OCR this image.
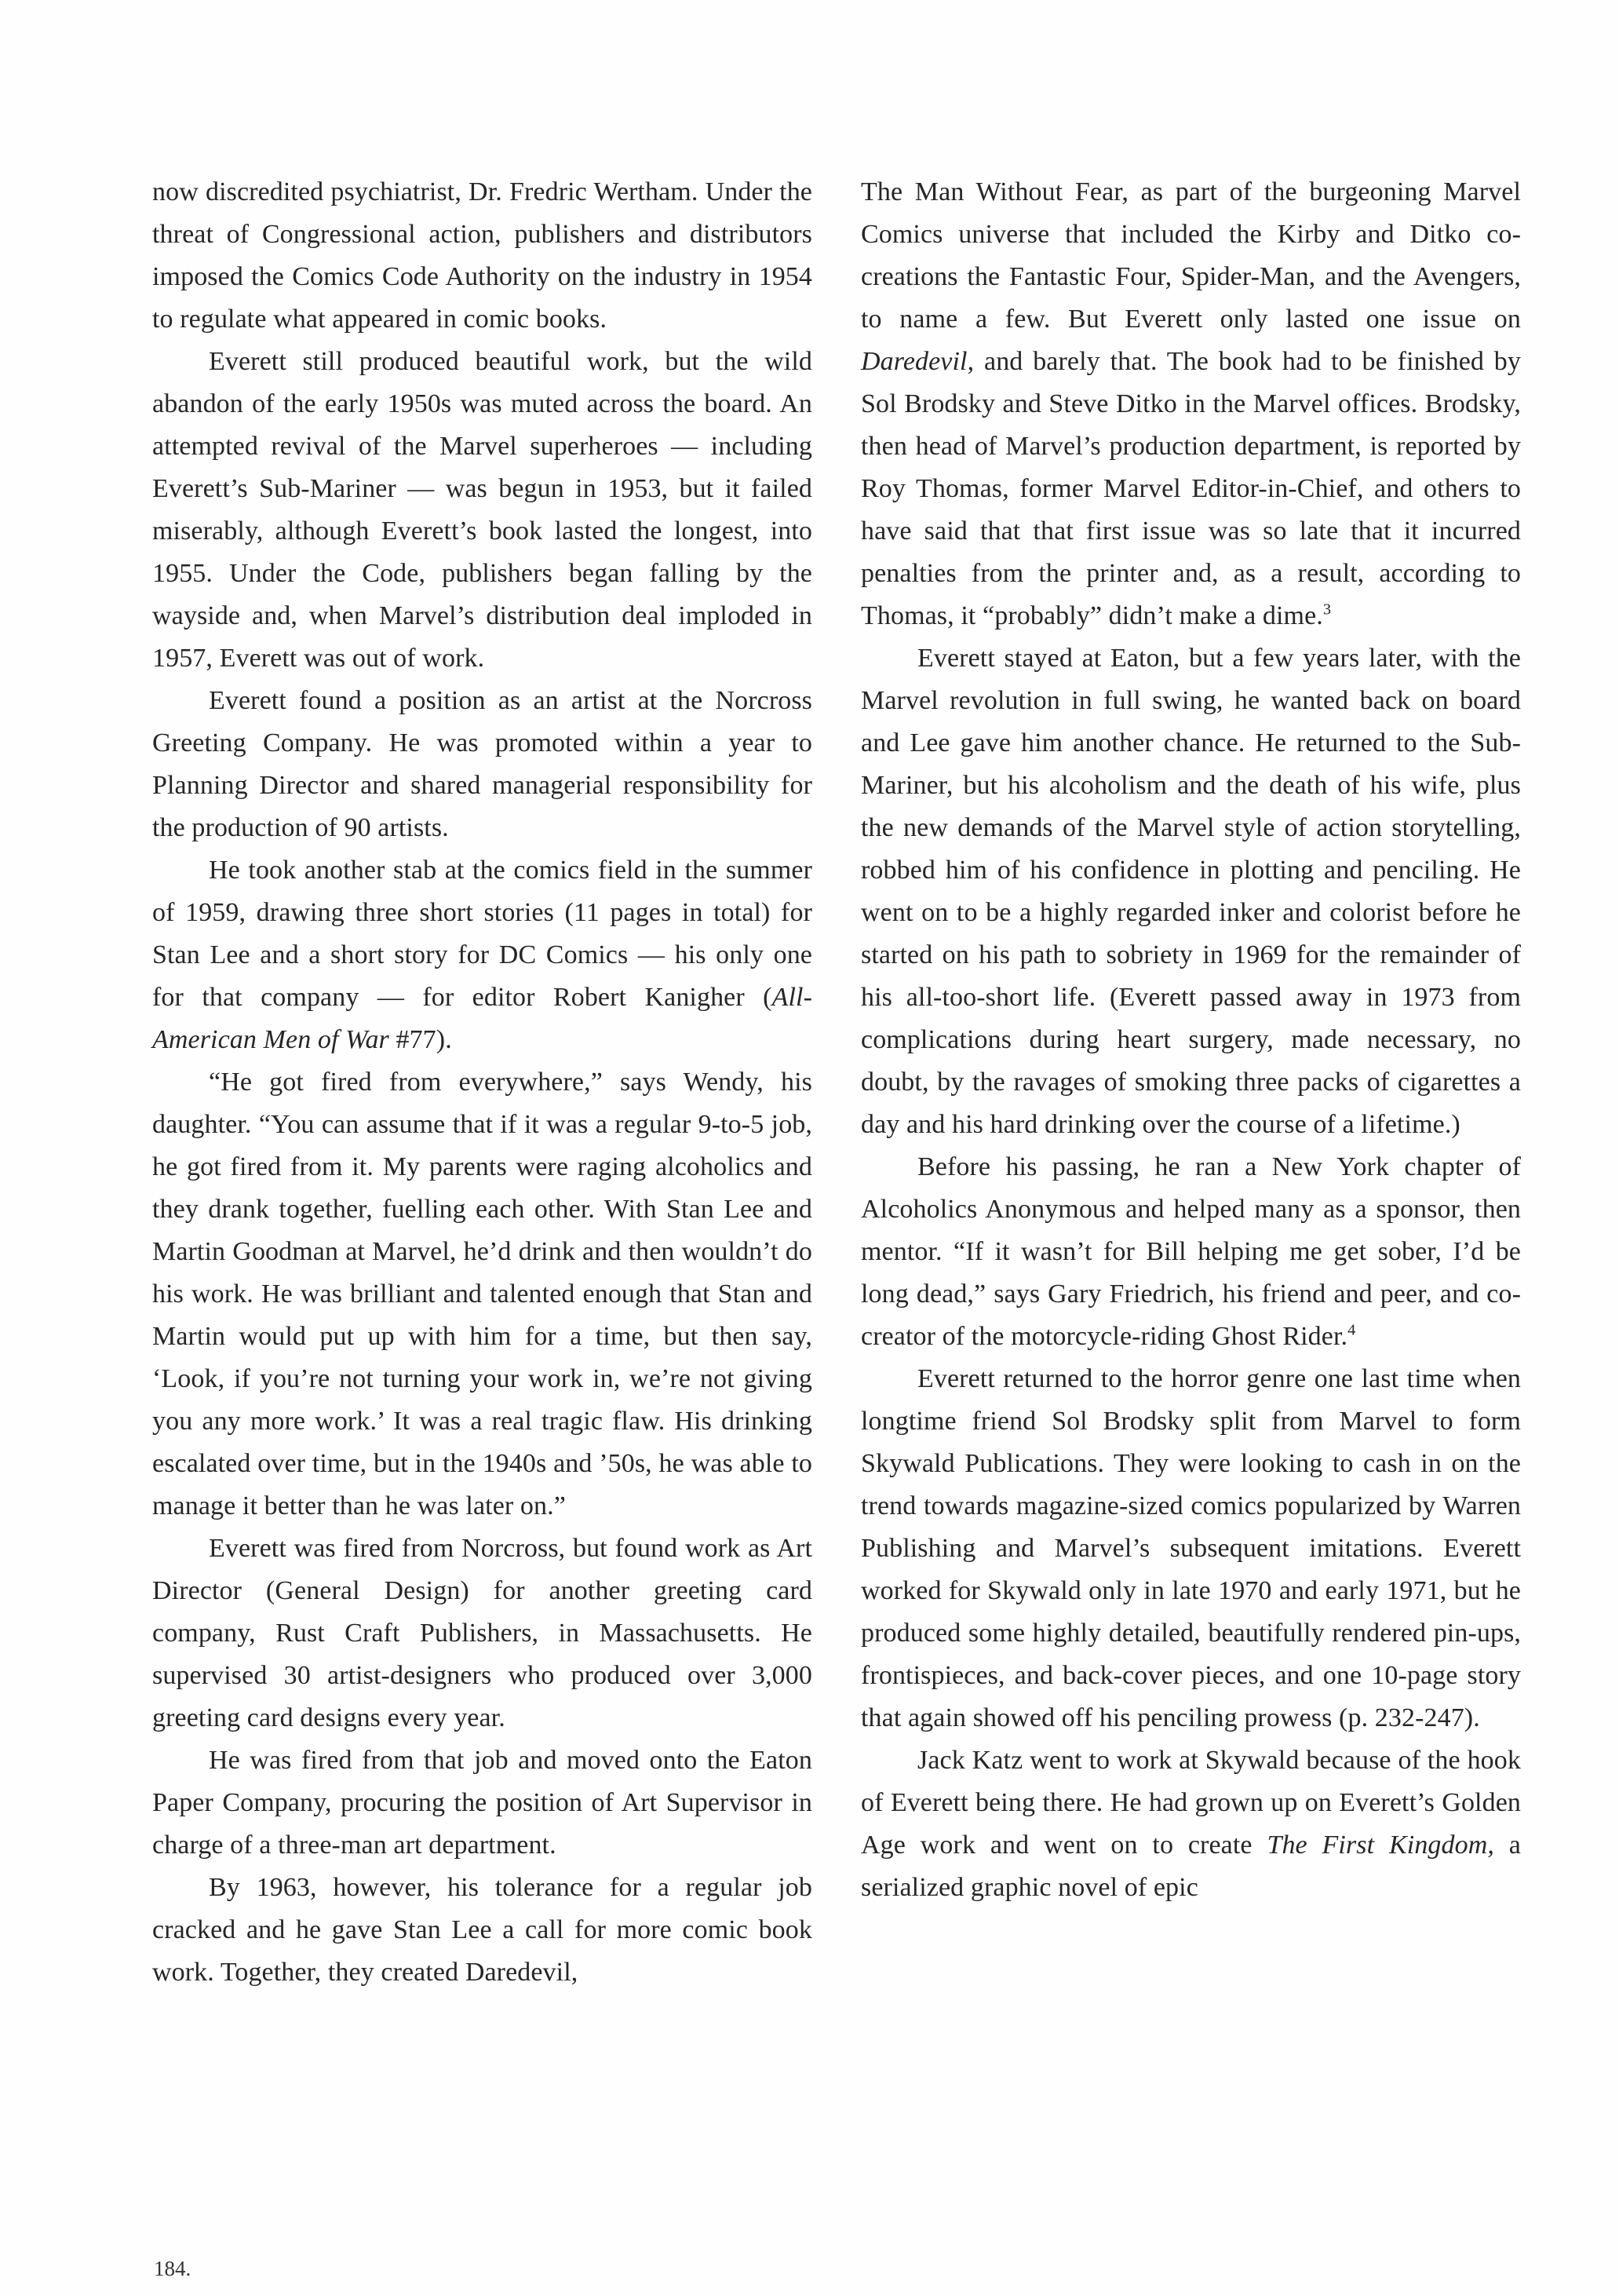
now discredited psychiatrist, Dr. Fredric Wertham. Under the threat of Congressional action, publishers and distributors imposed the Comics Code Authority on the industry in 1954 to regulate what appeared in comic books.

Everett still produced beautiful work, but the wild abandon of the early 1950s was muted across the board. An attempted revival of the Marvel superheroes — including Everett’s Sub-Mariner — was begun in 1953, but it failed miserably, although Everett’s book lasted the longest, into 1955. Under the Code, publishers began falling by the wayside and, when Marvel’s distribution deal imploded in 1957, Everett was out of work.

Everett found a position as an artist at the Norcross Greeting Company. He was promoted within a year to Planning Director and shared managerial responsibility for the production of 90 artists.

He took another stab at the comics field in the summer of 1959, drawing three short stories (11 pages in total) for Stan Lee and a short story for DC Comics — his only one for that company — for editor Robert Kanigher (All-American Men of War #77).

“He got fired from everywhere,” says Wendy, his daughter. “You can assume that if it was a regular 9-to-5 job, he got fired from it. My parents were raging alcoholics and they drank together, fuelling each other. With Stan Lee and Martin Goodman at Marvel, he’d drink and then wouldn’t do his work. He was brilliant and talented enough that Stan and Martin would put up with him for a time, but then say, ‘Look, if you’re not turning your work in, we’re not giving you any more work.’ It was a real tragic flaw. His drinking escalated over time, but in the 1940s and ’50s, he was able to manage it better than he was later on.”

Everett was fired from Norcross, but found work as Art Director (General Design) for another greeting card company, Rust Craft Publishers, in Massachusetts. He supervised 30 artist-designers who produced over 3,000 greeting card designs every year.

He was fired from that job and moved onto the Eaton Paper Company, procuring the position of Art Supervisor in charge of a three-man art department.

By 1963, however, his tolerance for a regular job cracked and he gave Stan Lee a call for more comic book work. Together, they created Daredevil,

The Man Without Fear, as part of the burgeoning Marvel Comics universe that included the Kirby and Ditko co-creations the Fantastic Four, Spider-Man, and the Avengers, to name a few. But Everett only lasted one issue on Daredevil, and barely that. The book had to be finished by Sol Brodsky and Steve Ditko in the Marvel offices. Brodsky, then head of Marvel’s production department, is reported by Roy Thomas, former Marvel Editor-in-Chief, and others to have said that that first issue was so late that it incurred penalties from the printer and, as a result, according to Thomas, it “probably” didn’t make a dime.$^3$

Everett stayed at Eaton, but a few years later, with the Marvel revolution in full swing, he wanted back on board and Lee gave him another chance. He returned to the Sub-Mariner, but his alcoholism and the death of his wife, plus the new demands of the Marvel style of action storytelling, robbed him of his confidence in plotting and penciling. He went on to be a highly regarded inker and colorist before he started on his path to sobriety in 1969 for the remainder of his all-too-short life. (Everett passed away in 1973 from complications during heart surgery, made necessary, no doubt, by the ravages of smoking three packs of cigarettes a day and his hard drinking over the course of a lifetime.)

Before his passing, he ran a New York chapter of Alcoholics Anonymous and helped many as a sponsor, then mentor. “If it wasn’t for Bill helping me get sober, I’d be long dead,” says Gary Friedrich, his friend and peer, and co-creator of the motorcycle-riding Ghost Rider.$^4$

Everett returned to the horror genre one last time when longtime friend Sol Brodsky split from Marvel to form Skywald Publications. They were looking to cash in on the trend towards magazine-sized comics popularized by Warren Publishing and Marvel’s subsequent imitations. Everett worked for Skywald only in late 1970 and early 1971, but he produced some highly detailed, beautifully rendered pin-ups, frontispieces, and back-cover pieces, and one 10-page story that again showed off his penciling prowess (p. 232-247).

Jack Katz went to work at Skywald because of the hook of Everett being there. He had grown up on Everett’s Golden Age work and went on to create The First Kingdom, a serialized graphic novel of epic

184.
